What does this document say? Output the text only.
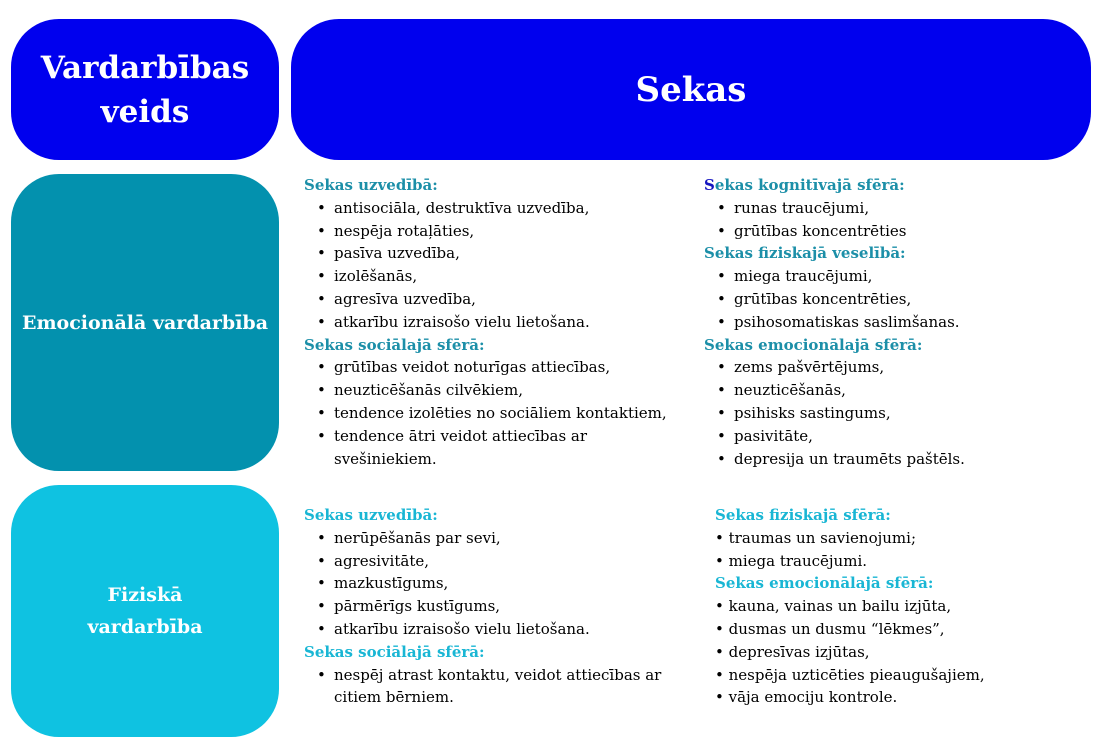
Vardarbības
veids
Sekas
Emocionālā vardarbība
Sekas uzvedībā:
• antisociāla, destruktīva uzvedība,
• nespēja rotaļāties,
• pasīva uzvedība,
• izolēšanās,
• agresīva uzvedība,
• atkarību izraisošo vielu lietošana.
Sekas sociālajā sfērā:
• grūtības veidot noturīgas attiecības,
• neuzticēšanās cilvēkiem,
• tendence izolēties no sociāliem kontaktiem,
• tendence ātri veidot attiecības ar svešiniekiem.
Sekas kognitīvajā sfērā:
• runas traucējumi,
• grūtības koncentrēties
Sekas fiziskajā veselībā:
• miega traucējumi,
• grūtības koncentrēties,
• psihosomatiskas saslimšanas.
Sekas emocionālajā sfērā:
• zems pašvērtējums,
• neuzticēšanās,
• psihisks sastingums,
• pasivitāte,
• depresija un traumēts paštēls.
Fiziskā
vardarbība
Sekas uzvedībā:
• nerūpēšanās par sevi,
• agresivitāte,
• mazkustīgums,
• pārmērīgs kustīgums,
• atkarību izraisošo vielu lietošana.
Sekas sociālajā sfērā:
• nespēj atrast kontaktu, veidot attiecības ar
citiem bērniem.
Sekas fiziskajā sfērā:
• traumas un savienojumi;
• miega traucējumi.
Sekas emocionālajā sfērā:
• kauna, vainas un bailu izjūta,
• dusmas un dusmu “lēkmes”,
• depresīvas izjūtas,
• nespēja uzticēties pieaugušajiem,
• vāja emociju kontrole.
